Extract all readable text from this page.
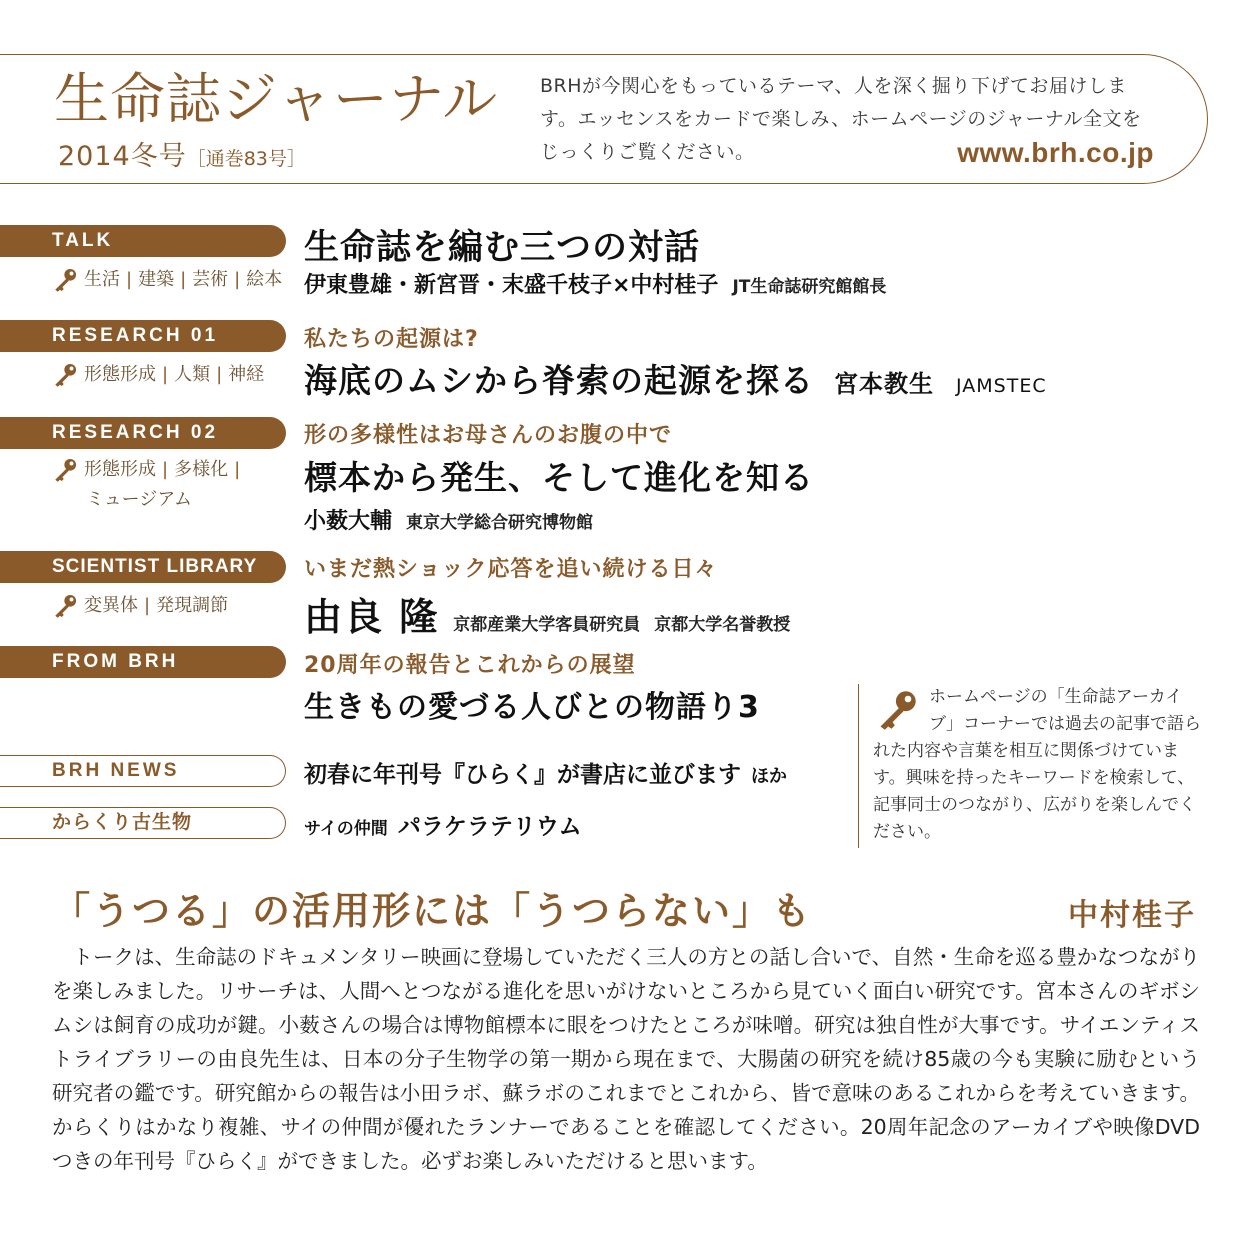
生命誌ジャーナル
2014冬号［通巻83号］
BRHが今関心をもっているテーマ、人を深く掘り下げてお届けします。エッセンスをカードで楽しみ、ホームページのジャーナル全文をじっくりご覧ください。	www.brh.co.jp
TALK
生活 | 建築 | 芸術 | 絵本
生命誌を編む三つの対話
伊東豊雄・新宮晋・末盛千枝子×中村桂子 JT生命誌研究館館長
RESEARCH 01
形態形成 | 人類 | 神経
私たちの起源は?
海底のムシから脊索の起源を探る 宮本教生 JAMSTEC
RESEARCH 02
形態形成 | 多様化 |
ミュージアム
形の多様性はお母さんのお腹の中で
標本から発生、そして進化を知る
小薮大輔 東京大学総合研究博物館
SCIENTIST LIBRARY
変異体 | 発現調節
いまだ熱ショック応答を追い続ける日々
由良 隆 京都産業大学客員研究員 京都大学名誉教授
FROM BRH	20周年の報告とこれからの展望
生きもの愛づる人びとの物語り3
BRH NEWS	初春に年刊号『ひらく』が書店に並びます ほか
からくり古生物	サイの仲間 パラケラテリウム
ホームページの「生命誌アーカイブ」コーナーでは過去の記事で語られた内容や言葉を相互に関係づけています。興味を持ったキーワードを検索して、記事同士のつながり、広がりを楽しんでください。
「うつる」の活用形には「うつらない」も	中村桂子
トークは、生命誌のドキュメンタリー映画に登場していただく三人の方との話し合いで、自然・生命を巡る豊かなつながりを楽しみました。リサーチは、人間へとつながる進化を思いがけないところから見ていく面白い研究です。宮本さんのギボシムシは飼育の成功が鍵。小薮さんの場合は博物館標本に眼をつけたところが味噌。研究は独自性が大事です。サイエンティストライブラリーの由良先生は、日本の分子生物学の第一期から現在まで、大腸菌の研究を続け85歳の今も実験に励むという研究者の鑑です。研究館からの報告は小田ラボ、蘇ラボのこれまでとこれから、皆で意味のあるこれからを考えていきます。からくりはかなり複雑、サイの仲間が優れたランナーであることを確認してください。20周年記念のアーカイブや映像DVDつきの年刊号『ひらく』ができました。必ずお楽しみいただけると思います。
